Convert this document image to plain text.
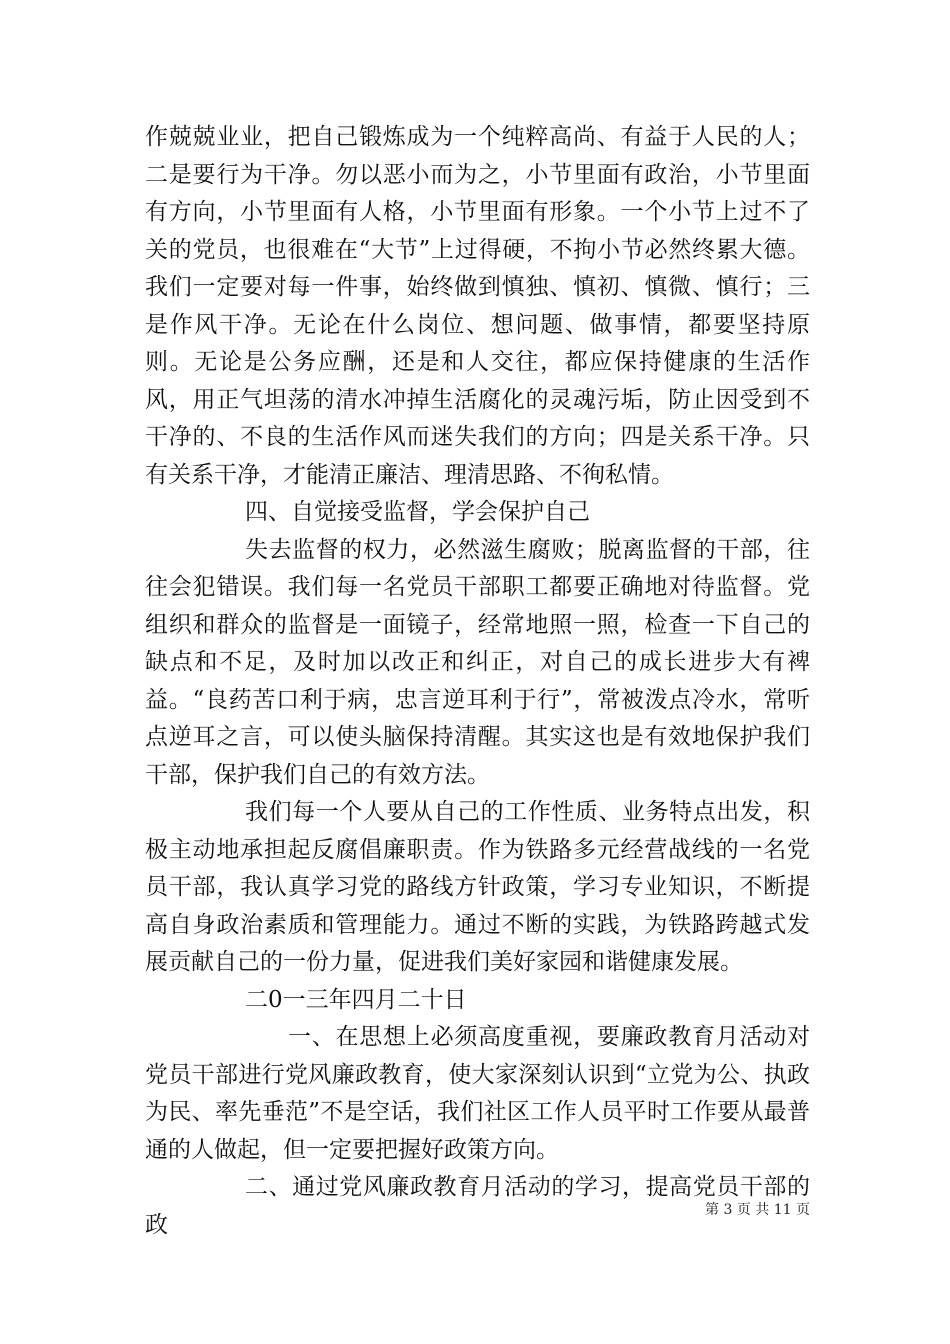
作兢兢业业，把自己锻炼成为一个纯粹高尚、有益于人民的人；二是要行为干净。勿以恶小而为之，小节里面有政治，小节里面有方向，小节里面有人格，小节里面有形象。一个小节上过不了关的党员，也很难在“大节”上过得硬，不拘小节必然终累大德。我们一定要对每一件事，始终做到慎独、慎初、慎微、慎行；三是作风干净。无论在什么岗位、想问题、做事情，都要坚持原则。无论是公务应酬，还是和人交往，都应保持健康的生活作风，用正气坦荡的清水冲掉生活腐化的灵魂污垢，防止因受到不干净的、不良的生活作风而迷失我们的方向；四是关系干净。只有关系干净，才能清正廉洁、理清思路、不徇私情。

四、自觉接受监督，学会保护自己

失去监督的权力，必然滋生腐败；脱离监督的干部，往往会犯错误。我们每一名党员干部职工都要正确地对待监督。党组织和群众的监督是一面镜子，经常地照一照，检查一下自己的缺点和不足，及时加以改正和纠正，对自己的成长进步大有裨益。“良药苦口利于病，忠言逆耳利于行”，常被泼点冷水，常听点逆耳之言，可以使头脑保持清醒。其实这也是有效地保护我们干部，保护我们自己的有效方法。

我们每一个人要从自己的工作性质、业务特点出发，积极主动地承担起反腐倡廉职责。作为铁路多元经营战线的一名党员干部，我认真学习党的路线方针政策，学习专业知识，不断提高自身政治素质和管理能力。通过不断的实践，为铁路跨越式发展贡献自己的一份力量，促进我们美好家园和谐健康发展。

二0一三年四月二十日

一、在思想上必须高度重视，要廉政教育月活动对党员干部进行党风廉政教育，使大家深刻认识到“立党为公、执政为民、率先垂范”不是空话，我们社区工作人员平时工作要从最普通的人做起，但一定要把握好政策方向。

二、通过党风廉政教育月活动的学习，提高党员干部的政

第 3 页 共 11 页
